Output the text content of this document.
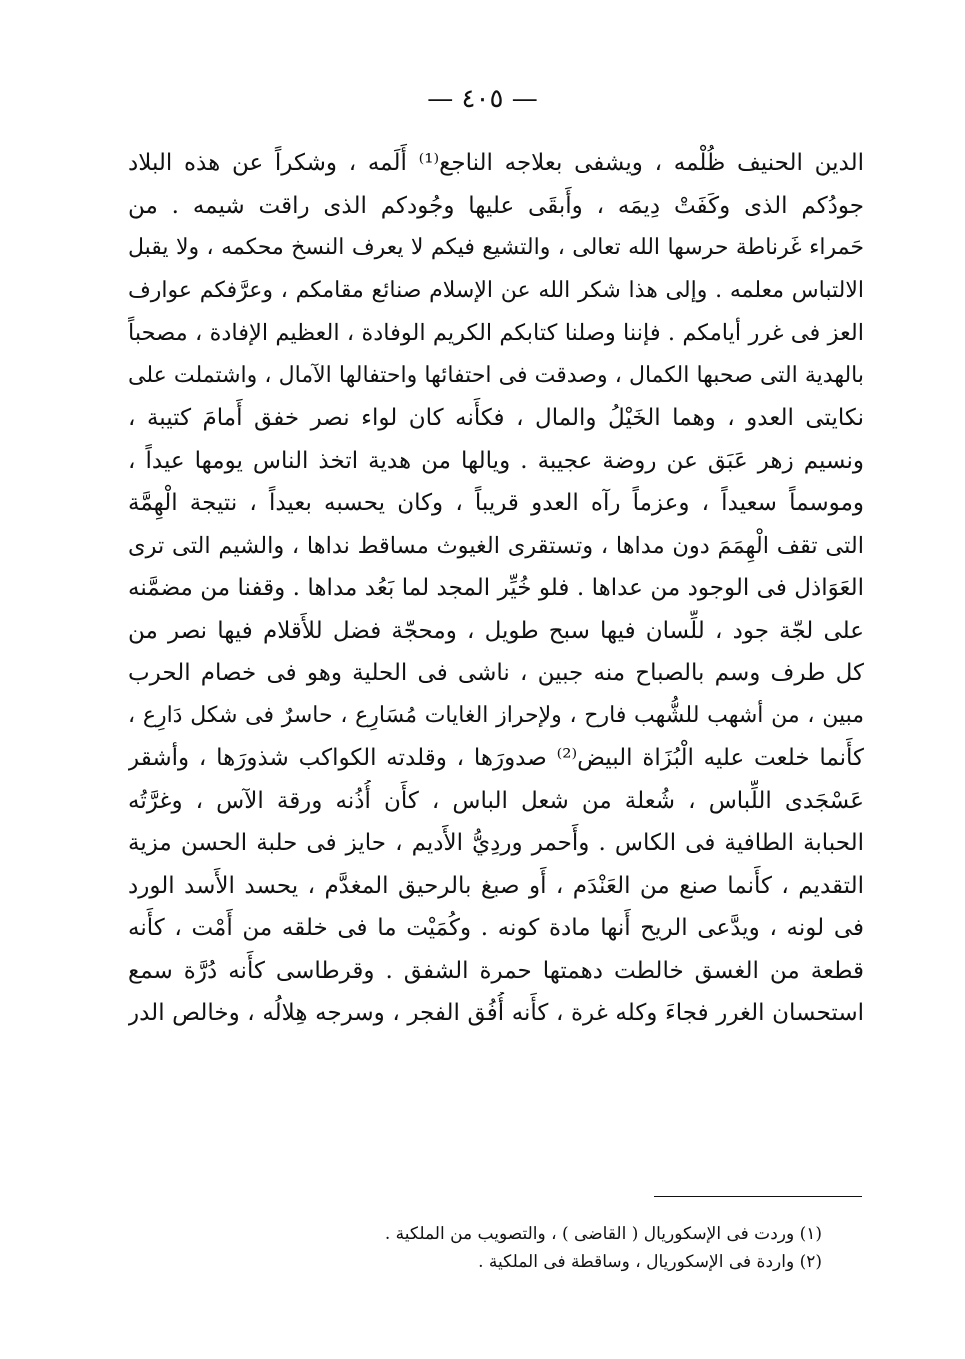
— ٤٠٥ —
الدين الحنيف ظُلْمه ، ويشفى بعلاجه الناجع⁽¹⁾ أَلَمه ، وشكراً عن هذه البلاد
جودُكم الذى وكَفَتْ دِيمَه ، وأَبقَى عليها وجُودكم الذى راقت شيمه . من
حَمراء غَرناطة حرسها الله تعالى ، والتشيع فيكم لا يعرف النسخ محكمه ، ولا يقبل
الالتباس معلمه . وإلى هذا شكر الله عن الإسلام صنائع مقامكم ، وعرَّفكم عوارف
العز فى غرر أيامكم . فإننا وصلنا كتابكم الكريم الوفادة ، العظيم الإفادة ، مصحباً
بالهدية التى صحبها الكمال ، وصدقت فى احتفائها واحتفالها الآمال ، واشتملت على
نكايتى العدو ، وهما الخَيْلُ والمال ، فكأَنه كان لواء نصر خفق أَمامَ كتيبة ،
ونسيم زهر عَبَق عن روضة عجيبة . ويالها من هدية اتخذ الناس يومها عيداً ،
وموسماً سعيداً ، وعزماً رآه العدو قريباً ، وكان يحسبه بعيداً ، نتيجة الْهِمَّة
التى تقف الْهِمَمَ دون مداها ، وتستقرى الغيوث مساقط نداها ، والشيم التى ترى
العَوَاذل فى الوجود من عداها . فلو خُيِّر المجد لما بَعُد مداها . وقفنا من مضمَّنه
على لجّة جود ، للِّسان فيها سبح طويل ، ومحجّة فضل للأَقلام فيها نصر من
كل طرف وسم بالصباح منه جبين ، ناشى فى الحلية وهو فى خصام الحرب
مبين ، من أشهب للشُّهب فارح ، ولإحراز الغايات مُسَارِع ، حاسرٌ فى شكل دَارِع ،
كأَنما خلعت عليه الْبُزَاة البيض⁽²⁾ صدورَها ، وقلدته الكواكب شذورَها ، وأشقر
عَسْجَدى اللِّباس ، شُعلة من شعل الباس ، كأَن أُذُنه ورقة الآس ، وغرَّتُه
الحبابة الطافية فى الكاس . وأَحمر وردِيُّ الأَديم ، حايز فى حلبة الحسن مزية
التقديم ، كأَنما صنع من العَنْدَم ، أَو صبغ بالرحيق المغدَّم ، يحسد الأَسد الورد
فى لونه ، ويدَّعى الريح أَنها مادة كونه . وكُمَيْت ما فى خلقه من أَمْت ، كأَنه
قطعة من الغسق خالطت دهمتها حمرة الشفق . وقرطاسى كأَنه دُرَّة سمع
استحسان الغرر فجاءَ وكله غرة ، كأَنه أُفُق الفجر ، وسرجه هِلالُه ، وخالص الدر
(١) وردت فى الإسكوريال ( القاضى ) ، والتصويب من الملكية .
(٢) واردة فى الإسكوريال ، وساقطة فى الملكية .
